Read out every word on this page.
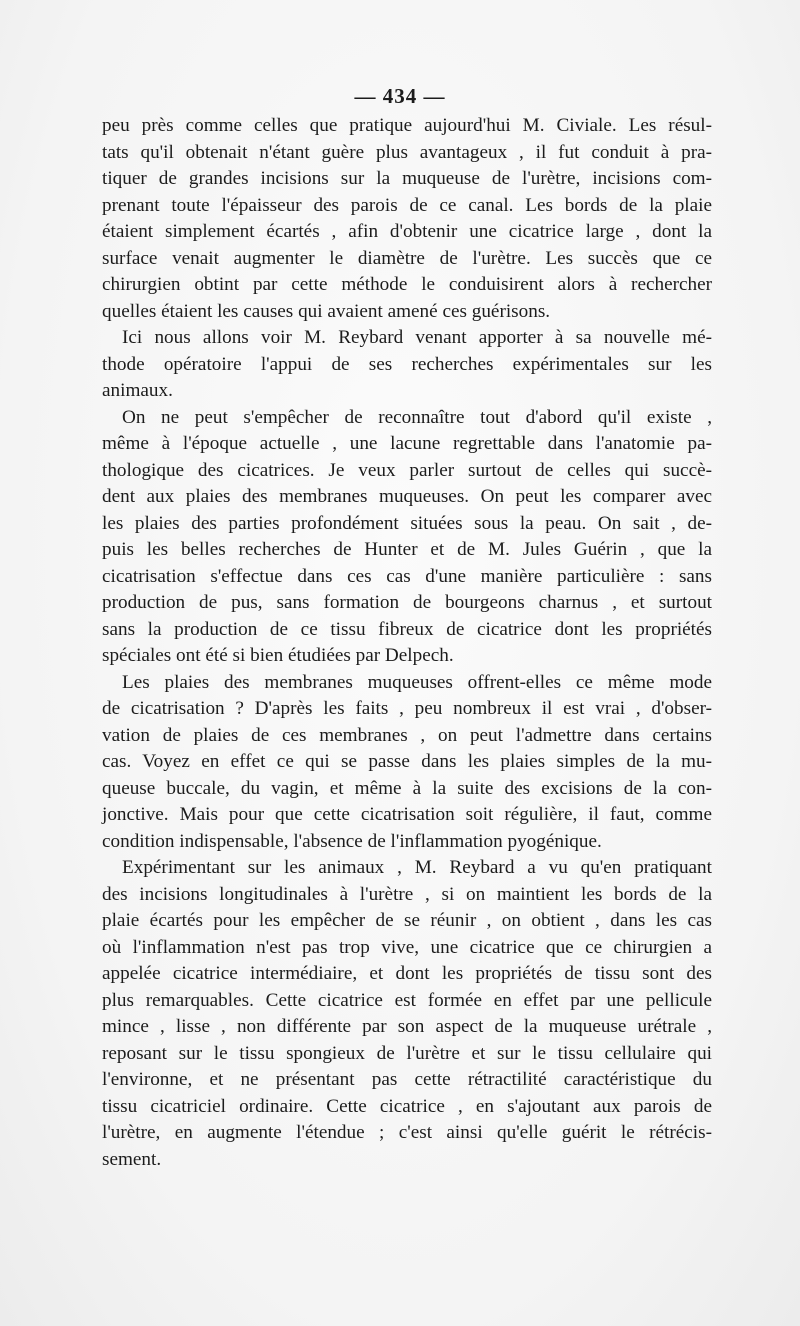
— 434 —
peu près comme celles que pratique aujourd'hui M. Civiale. Les résul-
tats qu'il obtenait n'étant guère plus avantageux , il fut conduit à pra-
tiquer de grandes incisions sur la muqueuse de l'urètre, incisions com-
prenant toute l'épaisseur des parois de ce canal. Les bords de la plaie
étaient simplement écartés , afin d'obtenir une cicatrice large , dont la
surface venait augmenter le diamètre de l'urètre. Les succès que ce
chirurgien obtint par cette méthode le conduisirent alors à rechercher
quelles étaient les causes qui avaient amené ces guérisons.
Ici nous allons voir M. Reybard venant apporter à sa nouvelle mé-
thode opératoire l'appui de ses recherches expérimentales sur les
animaux.
On ne peut s'empêcher de reconnaître tout d'abord qu'il existe ,
même à l'époque actuelle , une lacune regrettable dans l'anatomie pa-
thologique des cicatrices. Je veux parler surtout de celles qui succè-
dent aux plaies des membranes muqueuses. On peut les comparer avec
les plaies des parties profondément situées sous la peau. On sait , de-
puis les belles recherches de Hunter et de M. Jules Guérin , que la
cicatrisation s'effectue dans ces cas d'une manière particulière : sans
production de pus, sans formation de bourgeons charnus , et surtout
sans la production de ce tissu fibreux de cicatrice dont les propriétés
spéciales ont été si bien étudiées par Delpech.
Les plaies des membranes muqueuses offrent-elles ce même mode
de cicatrisation ? D'après les faits , peu nombreux il est vrai , d'obser-
vation de plaies de ces membranes , on peut l'admettre dans certains
cas. Voyez en effet ce qui se passe dans les plaies simples de la mu-
queuse buccale, du vagin, et même à la suite des excisions de la con-
jonctive. Mais pour que cette cicatrisation soit régulière, il faut, comme
condition indispensable, l'absence de l'inflammation pyogénique.
Expérimentant sur les animaux , M. Reybard a vu qu'en pratiquant
des incisions longitudinales à l'urètre , si on maintient les bords de la
plaie écartés pour les empêcher de se réunir , on obtient , dans les cas
où l'inflammation n'est pas trop vive, une cicatrice que ce chirurgien a
appelée cicatrice intermédiaire, et dont les propriétés de tissu sont des
plus remarquables. Cette cicatrice est formée en effet par une pellicule
mince , lisse , non différente par son aspect de la muqueuse urétrale ,
reposant sur le tissu spongieux de l'urètre et sur le tissu cellulaire qui
l'environne, et ne présentant pas cette rétractilité caractéristique du
tissu cicatriciel ordinaire. Cette cicatrice , en s'ajoutant aux parois de
l'urètre, en augmente l'étendue ; c'est ainsi qu'elle guérit le rétrécis-
sement.
